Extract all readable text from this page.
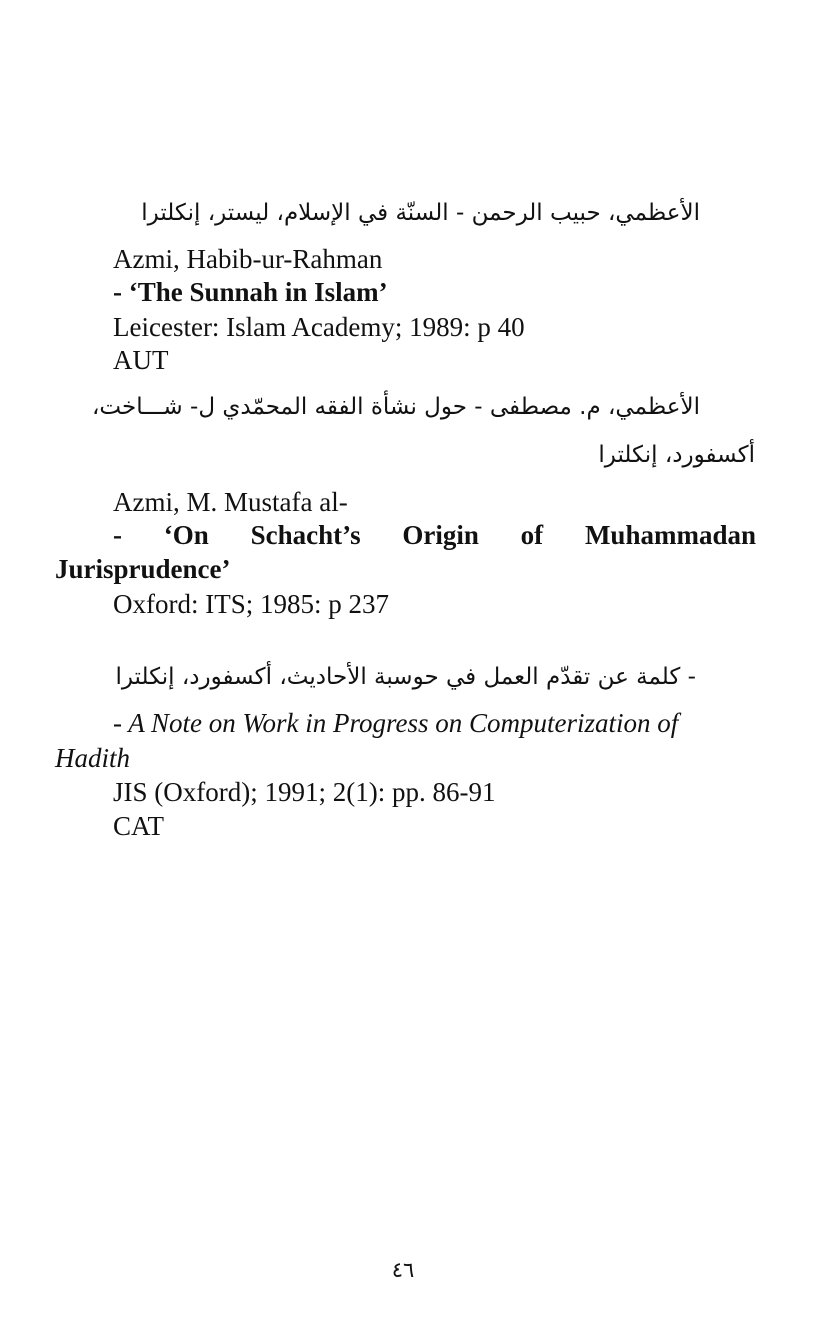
الأعظمي، حبيب الرحمن - السنّة في الإسلام، ليستر، إنكلترا
Azmi, Habib-ur-Rahman
- ‘The Sunnah in Islam’
Leicester: Islam Academy; 1989: p 40
AUT
الأعظمي، م. مصطفى - حول نشأة الفقه المحمّدي ل- شـــاخت،
أكسفورد، إنكلترا
Azmi, M. Mustafa al-
- ‘On Schacht’s Origin of Muhammadan
Jurisprudence’
Oxford: ITS; 1985: p 237
- كلمة عن تقدّم العمل في حوسبة الأحاديث، أكسفورد، إنكلترا
- A Note on Work in Progress on Computerization of
Hadith
JIS (Oxford); 1991; 2(1): pp. 86-91
CAT
٤٦
